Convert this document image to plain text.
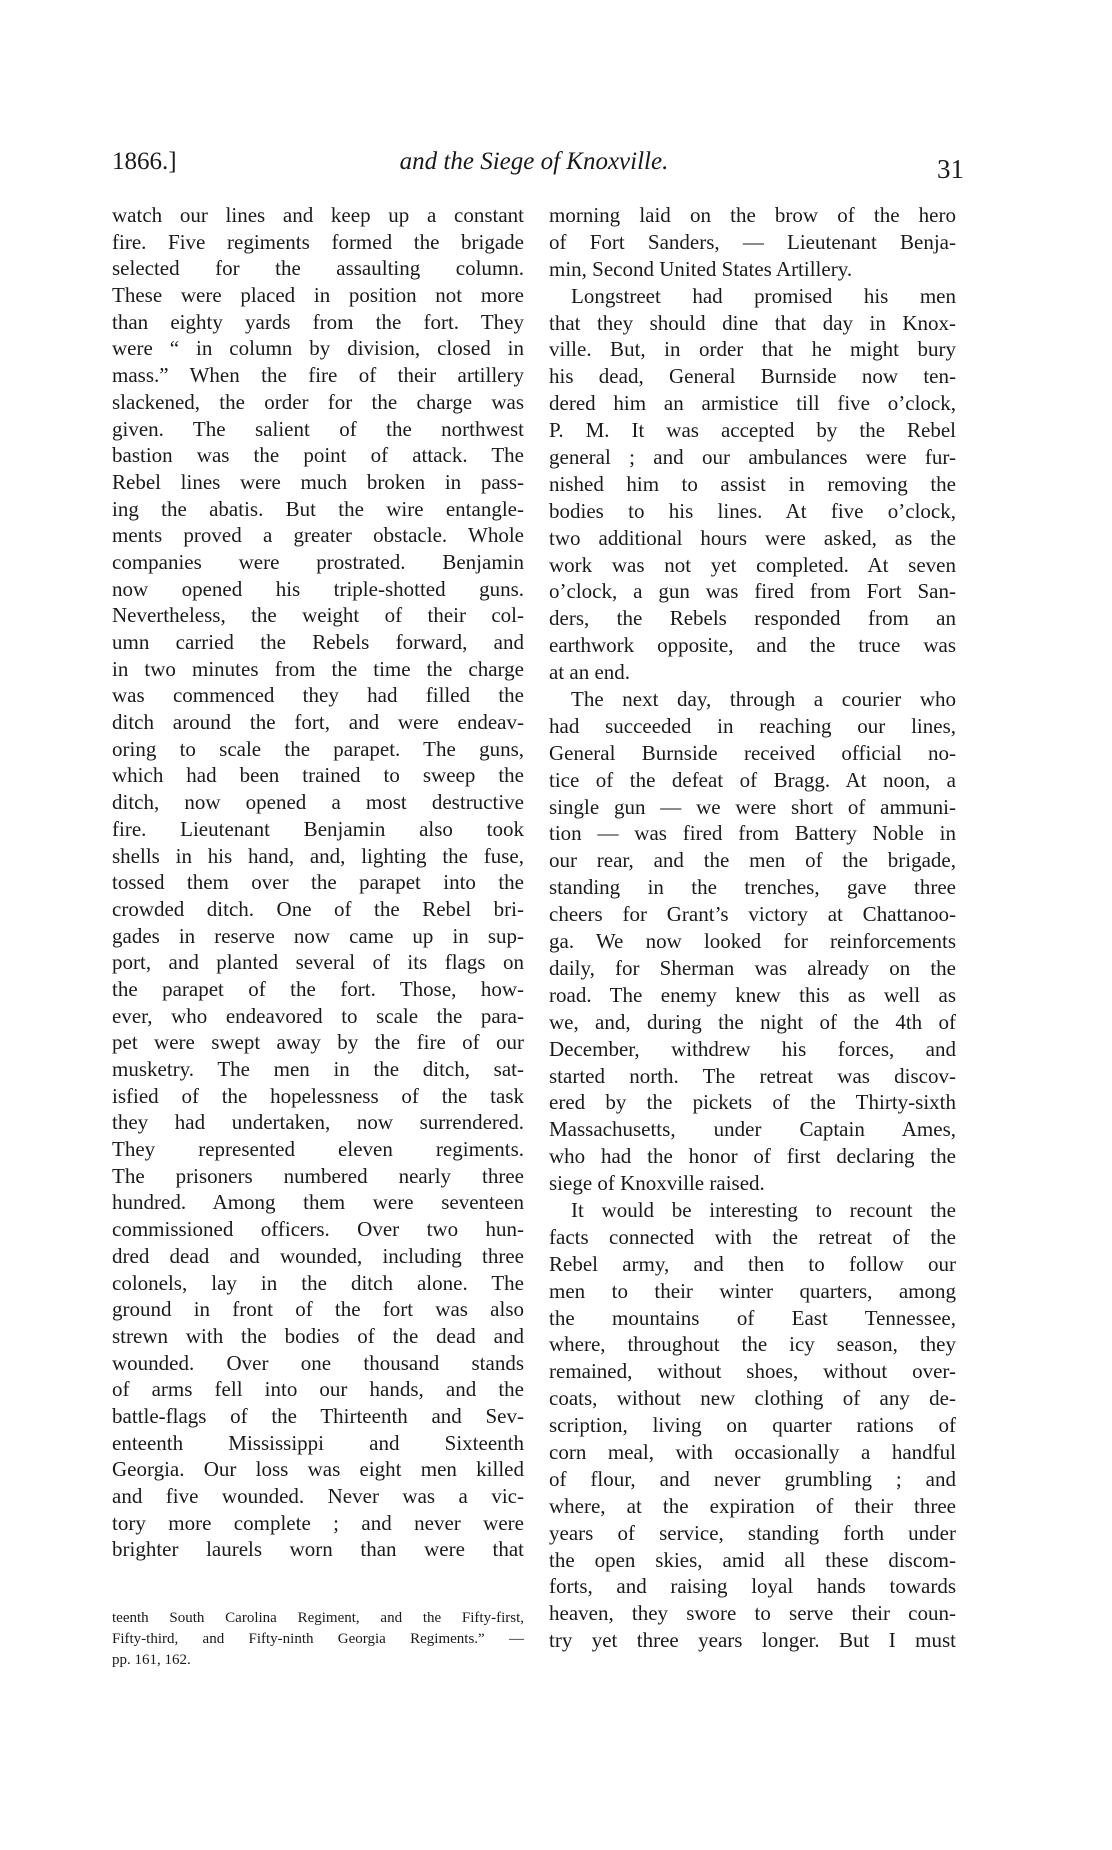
1866.]	and the Siege of Knoxville.	31
watch our lines and keep up a constant
fire. Five regiments formed the brigade
selected for the assaulting column.
These were placed in position not more
than eighty yards from the fort. They
were “ in column by division, closed in
mass.” When the fire of their artillery
slackened, the order for the charge was
given. The salient of the northwest
bastion was the point of attack. The
Rebel lines were much broken in pass-
ing the abatis. But the wire entangle-
ments proved a greater obstacle. Whole
companies were prostrated. Benjamin
now opened his triple-shotted guns.
Nevertheless, the weight of their col-
umn carried the Rebels forward, and
in two minutes from the time the charge
was commenced they had filled the
ditch around the fort, and were endeav-
oring to scale the parapet. The guns,
which had been trained to sweep the
ditch, now opened a most destructive
fire. Lieutenant Benjamin also took
shells in his hand, and, lighting the fuse,
tossed them over the parapet into the
crowded ditch. One of the Rebel bri-
gades in reserve now came up in sup-
port, and planted several of its flags on
the parapet of the fort. Those, how-
ever, who endeavored to scale the para-
pet were swept away by the fire of our
musketry. The men in the ditch, sat-
isfied of the hopelessness of the task
they had undertaken, now surrendered.
They represented eleven regiments.
The prisoners numbered nearly three
hundred. Among them were seventeen
commissioned officers. Over two hun-
dred dead and wounded, including three
colonels, lay in the ditch alone. The
ground in front of the fort was also
strewn with the bodies of the dead and
wounded. Over one thousand stands
of arms fell into our hands, and the
battle-flags of the Thirteenth and Sev-
enteenth Mississippi and Sixteenth
Georgia. Our loss was eight men killed
and five wounded. Never was a vic-
tory more complete ; and never were
brighter laurels worn than were that
morning laid on the brow of the hero
of Fort Sanders, — Lieutenant Benja-
min, Second United States Artillery.
Longstreet had promised his men
that they should dine that day in Knox-
ville. But, in order that he might bury
his dead, General Burnside now ten-
dered him an armistice till five o’clock,
P. M. It was accepted by the Rebel
general ; and our ambulances were fur-
nished him to assist in removing the
bodies to his lines. At five o’clock,
two additional hours were asked, as the
work was not yet completed. At seven
o’clock, a gun was fired from Fort San-
ders, the Rebels responded from an
earthwork opposite, and the truce was
at an end.
The next day, through a courier who
had succeeded in reaching our lines,
General Burnside received official no-
tice of the defeat of Bragg. At noon, a
single gun — we were short of ammuni-
tion — was fired from Battery Noble in
our rear, and the men of the brigade,
standing in the trenches, gave three
cheers for Grant’s victory at Chattanoo-
ga. We now looked for reinforcements
daily, for Sherman was already on the
road. The enemy knew this as well as
we, and, during the night of the 4th of
December, withdrew his forces, and
started north. The retreat was discov-
ered by the pickets of the Thirty-sixth
Massachusetts, under Captain Ames,
who had the honor of first declaring the
siege of Knoxville raised.
It would be interesting to recount the
facts connected with the retreat of the
Rebel army, and then to follow our
men to their winter quarters, among
the mountains of East Tennessee,
where, throughout the icy season, they
remained, without shoes, without over-
coats, without new clothing of any de-
scription, living on quarter rations of
corn meal, with occasionally a handful
of flour, and never grumbling ; and
where, at the expiration of their three
years of service, standing forth under
the open skies, amid all these discom-
forts, and raising loyal hands towards
heaven, they swore to serve their coun-
try yet three years longer. But I must
teenth South Carolina Regiment, and the Fifty-first,
Fifty-third, and Fifty-ninth Georgia Regiments.” —
pp. 161, 162.
